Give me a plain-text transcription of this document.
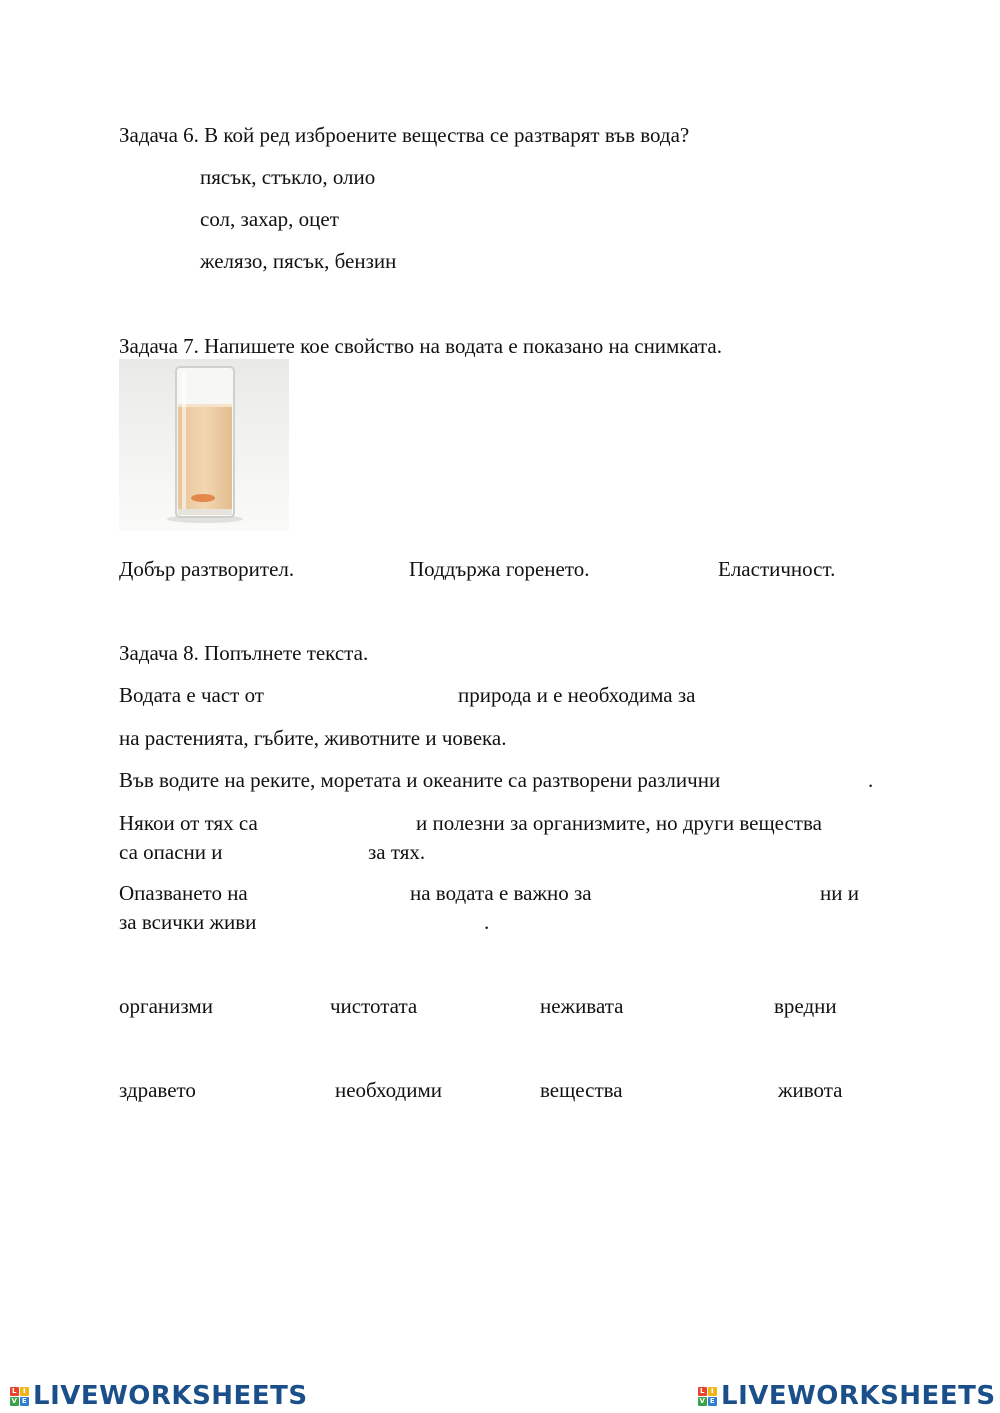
Задача 6. В кой ред изброените вещества се разтварят във вода?
пясък, стъкло, олио
сол, захар, оцет
желязо, пясък, бензин
Задача 7. Напишете кое свойство на водата е показано на снимката.
Добър разтворител.	Поддържа горенето.	Еластичност.
Задача 8. Попълнете текста.
Водата е част от	природа и е необходима за
на растенията, гъбите, животните и човека.
Във водите на реките, моретата и океаните са разтворени различни	.
Някои от тях са	и полезни за организмите, но други вещества
са опасни и	за тях.
Опазването на	на водата е важно за	ни и
за всички живи	.
организми	чистотата	неживата	вредни
здравето	необходими	вещества	живота
L I
V E LIVEWORKSHEETS	L I
V E LIVEWORKSHEETS
